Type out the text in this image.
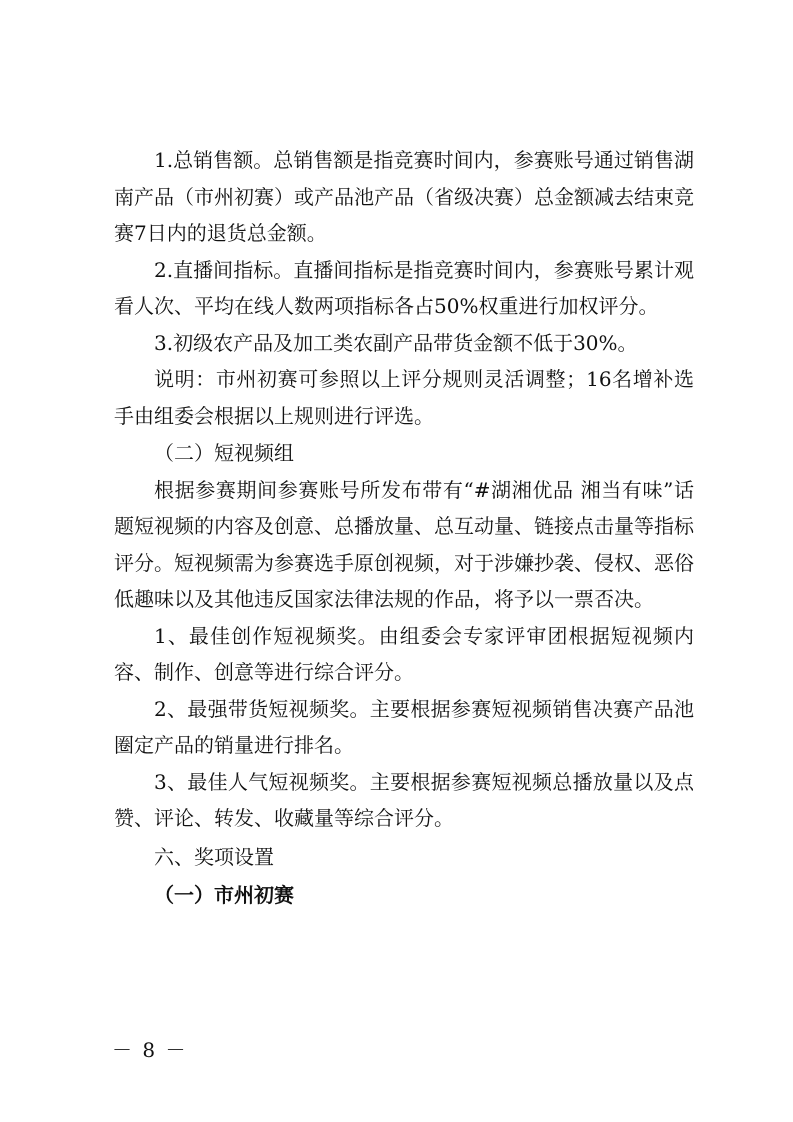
1.总销售额。总销售额是指竞赛时间内，参赛账号通过销售湖南产品（市州初赛）或产品池产品（省级决赛）总金额减去结束竞赛7日内的退货总金额。

2.直播间指标。直播间指标是指竞赛时间内，参赛账号累计观看人次、平均在线人数两项指标各占50%权重进行加权评分。

3.初级农产品及加工类农副产品带货金额不低于30%。

说明：市州初赛可参照以上评分规则灵活调整；16名增补选手由组委会根据以上规则进行评选。

（二）短视频组

根据参赛期间参赛账号所发布带有“#湖湘优品 湘当有味”话题短视频的内容及创意、总播放量、总互动量、链接点击量等指标评分。短视频需为参赛选手原创视频，对于涉嫌抄袭、侵权、恶俗低趣味以及其他违反国家法律法规的作品，将予以一票否决。

1、最佳创作短视频奖。由组委会专家评审团根据短视频内容、制作、创意等进行综合评分。

2、最强带货短视频奖。主要根据参赛短视频销售决赛产品池圈定产品的销量进行排名。

3、最佳人气短视频奖。主要根据参赛短视频总播放量以及点赞、评论、转发、收藏量等综合评分。

六、奖项设置

（一）市州初赛

－ 8 －
